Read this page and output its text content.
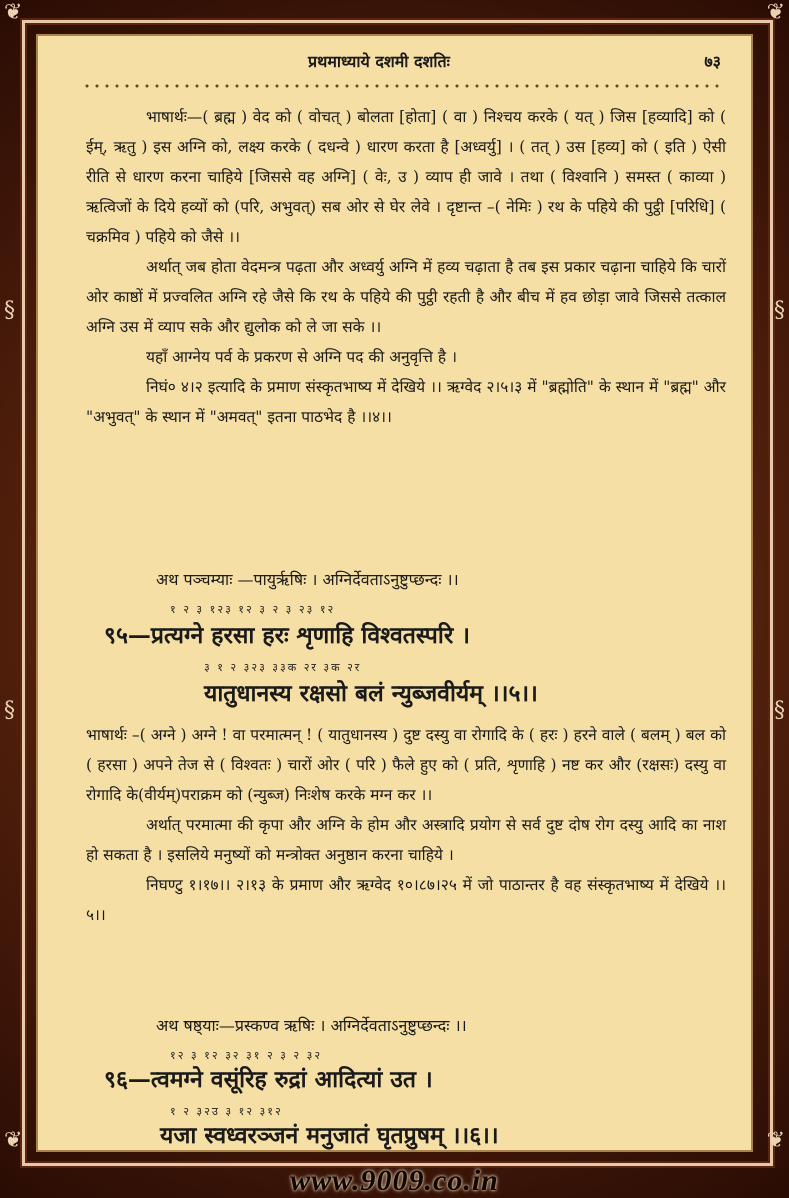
❦	❦
❦	❦
§
§
§
§
प्रथमाध्याये दशमी दशतिः	७३

भाषार्थः—( ब्रह्म ) वेद को ( वोचत् ) बोलता [होता] ( वा ) निश्चय करके ( यत् ) जिस [हव्यादि] को ( ईम्, ऋतु ) इस अग्नि को, लक्ष्य करके ( दधन्वे ) धारण करता है [अध्वर्यु] । ( तत् ) उस [हव्य] को ( इति ) ऐसी रीति से धारण करना चाहिये [जिससे वह अग्नि] ( वेः, उ ) व्याप ही जावे । तथा ( विश्वानि ) समस्त ( काव्या ) ऋत्विजों के दिये हव्यों को (परि, अभुवत्) सब ओर से घेर लेवे । दृष्टान्त –( नेमिः ) रथ के पहिये की पुट्ठी [परिधि] ( चक्रमिव ) पहिये को जैसे ।।

अर्थात् जब होता वेदमन्त्र पढ़ता और अध्वर्यु अग्नि में हव्य चढ़ाता है तब इस प्रकार चढ़ाना चाहिये कि चारों ओर काष्ठों में प्रज्वलित अग्नि रहे जैसे कि रथ के पहिये की पुट्ठी रहती है और बीच में हव छोड़ा जावे जिससे तत्काल अग्नि उस में व्याप सके और द्युलोक को ले जा सके ।।

यहाँ आग्नेय पर्व के प्रकरण से अग्नि पद की अनुवृत्ति है ।

निघं० ४।२ इत्यादि के प्रमाण संस्कृतभाष्य में देखिये ।। ऋग्वेद २।५।३ में "ब्रह्मोति" के स्थान में "ब्रह्म" और "अभुवत्" के स्थान में "अमवत्" इतना पाठभेद है ।।४।।

अथ पञ्चम्याः —पायुर्ऋषिः । अग्निर्देवताऽनुष्टुप्छन्दः ।।
१ २ ३ १२३ १२ ३ २ ३ २३ १२
९५—प्रत्यग्ने हरसा हरः शृणाहि विश्वतस्परि ।
३ १ २ ३२३ ३३क २र ३क २र
यातुधानस्य रक्षसो बलं न्युब्जवीर्यम् ।।५।।

भाषार्थः –( अग्ने ) अग्ने ! वा परमात्मन् ! ( यातुधानस्य ) दुष्ट दस्यु वा रोगादि के ( हरः ) हरने वाले ( बलम् ) बल को ( हरसा ) अपने तेज से ( विश्वतः ) चारों ओर ( परि ) फैले हुए को ( प्रति, शृणाहि ) नष्ट कर और (रक्षसः) दस्यु वा रोगादि के(वीर्यम्)पराक्रम को (न्युब्ज) निःशेष करके मग्न कर ।।

अर्थात् परमात्मा की कृपा और अग्नि के होम और अस्त्रादि प्रयोग से सर्व दुष्ट दोष रोग दस्यु आदि का नाश हो सकता है । इसलिये मनुष्यों को मन्त्रोक्त अनुष्ठान करना चाहिये ।

निघण्टु १।१७।। २।१३ के प्रमाण और ऋग्वेद १०।८७।२५ में जो पाठान्तर है वह संस्कृतभाष्य में देखिये ।।५।।

अथ षष्ठ्याः—प्रस्कण्व ऋषिः । अग्निर्देवताऽनुष्टुप्छन्दः ।।
१२ ३ १२ ३२ ३१ २ ३ २ ३२
९६—त्वमग्ने वसूंरिह रुद्रां आदित्यां उत ।
१ २ ३२उ ३ १२ ३१२
यजा स्वध्वरञ्जनं मनुजातं घृतप्रुषम् ।।६।।
www.9009.co.in
